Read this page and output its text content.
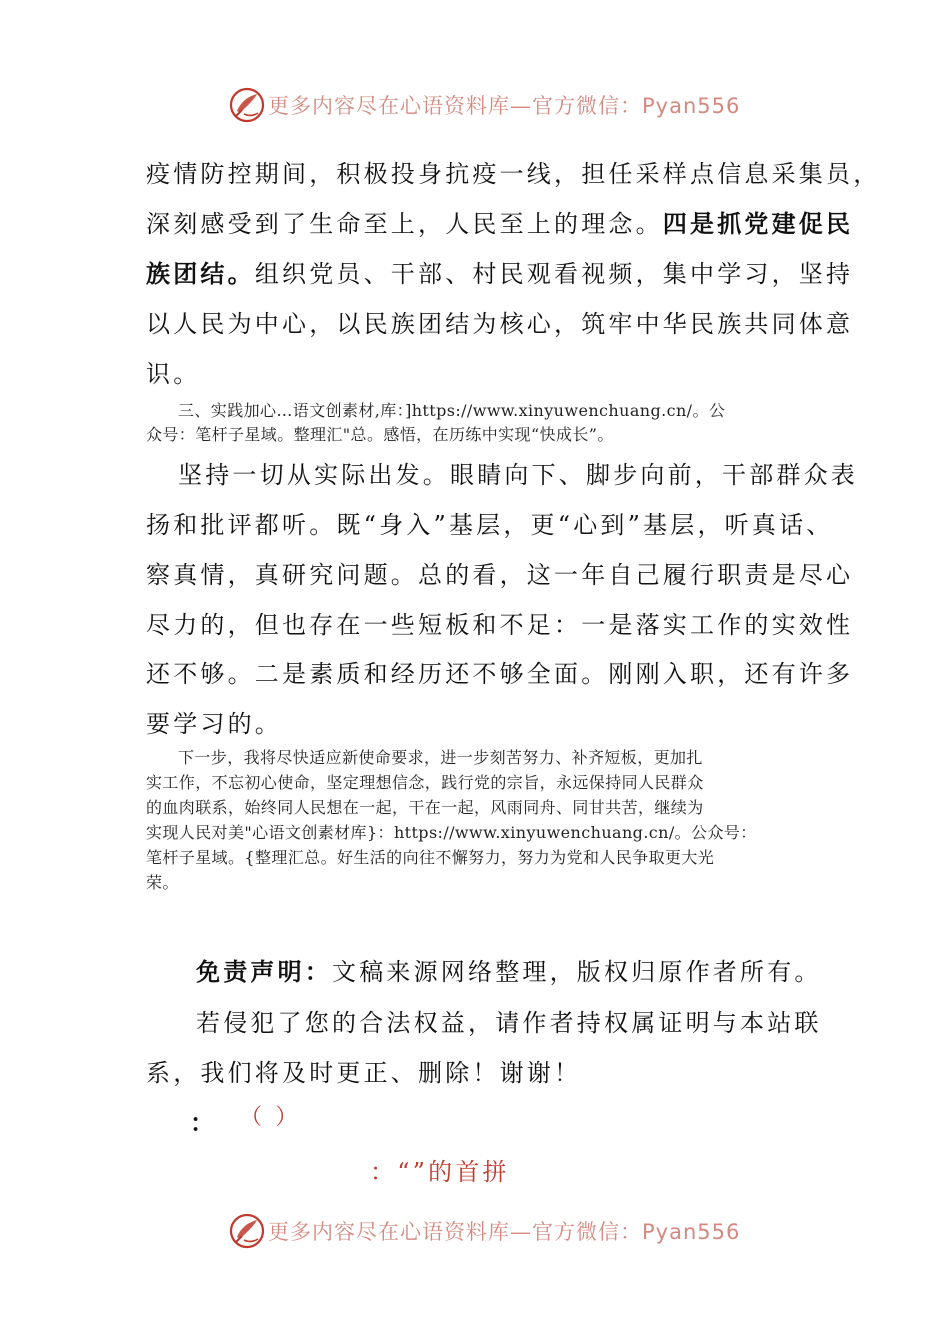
更多内容尽在心语资料库—官方微信：Pyan556
疫情防控期间，积极投身抗疫一线，担任采样点信息采集员，
深刻感受到了生命至上，人民至上的理念。四是抓党建促民
族团结。组织党员、干部、村民观看视频，集中学习，坚持
以人民为中心，以民族团结为核心，筑牢中华民族共同体意
识。
三、实践加心…语文创素材,库：]https://www.xinyuwenchuang.cn/。公
众号：笔杆子星域。整理汇"总。感悟，在历练中实现“快成长”。
坚持一切从实际出发。眼睛向下、脚步向前，干部群众表
扬和批评都听。既“身入”基层，更“心到”基层，听真话、
察真情，真研究问题。总的看，这一年自己履行职责是尽心
尽力的，但也存在一些短板和不足：一是落实工作的实效性
还不够。二是素质和经历还不够全面。刚刚入职，还有许多
要学习的。
下一步，我将尽快适应新使命要求，进一步刻苦努力、补齐短板，更加扎
实工作，不忘初心使命，坚定理想信念，践行党的宗旨，永远保持同人民群众
的血肉联系，始终同人民想在一起，干在一起，风雨同舟、同甘共苦，继续为
实现人民对美"心语文创素材库}：https://www.xinyuwenchuang.cn/。公众号：
笔杆子星域。{整理汇总。好生活的向往不懈努力，努力为党和人民争取更大光
荣。
免责声明：文稿来源网络整理，版权归原作者所有。
若侵犯了您的合法权益，请作者持权属证明与本站联
系，我们将及时更正、删除！谢谢！
： （ ）
：“”的首拼
更多内容尽在心语资料库—官方微信：Pyan556
